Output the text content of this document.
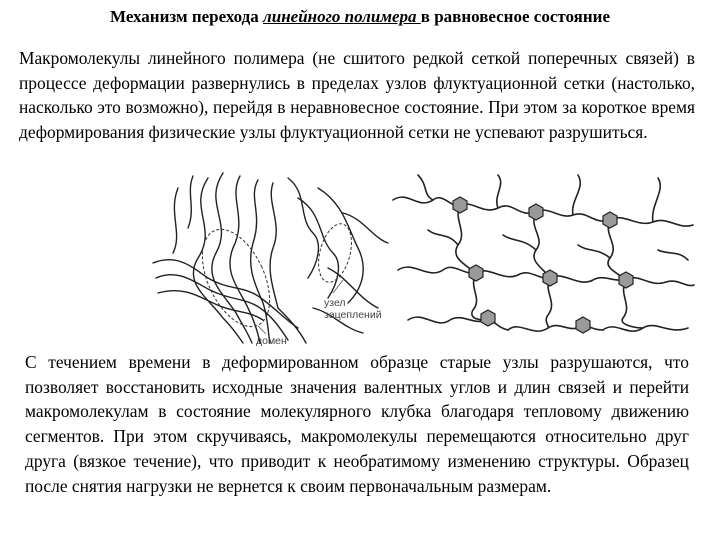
Механизм перехода линейного полимера в равновесное состояние

Макромолекулы линейного полимера (не сшитого редкой сеткой поперечных связей) в процессе деформации развернулись в пределах узлов флуктуационной сетки (настолько, насколько это возможно), перейдя в неравновесное состояние. При этом за короткое время деформирования физические узлы флуктуационной сетки не успевают разрушиться.

узел
зацеплений
домен

С течением времени в деформированном образце старые узлы разрушаются, что позволяет восстановить исходные значения валентных углов и длин связей и перейти макромолекулам в состояние молекулярного клубка благодаря тепловому движению сегментов. При этом скручиваясь, макромолекулы перемещаются относительно друг друга (вязкое течение), что приводит к необратимому изменению структуры. Образец после снятия нагрузки не вернется к своим первоначальным размерам.
